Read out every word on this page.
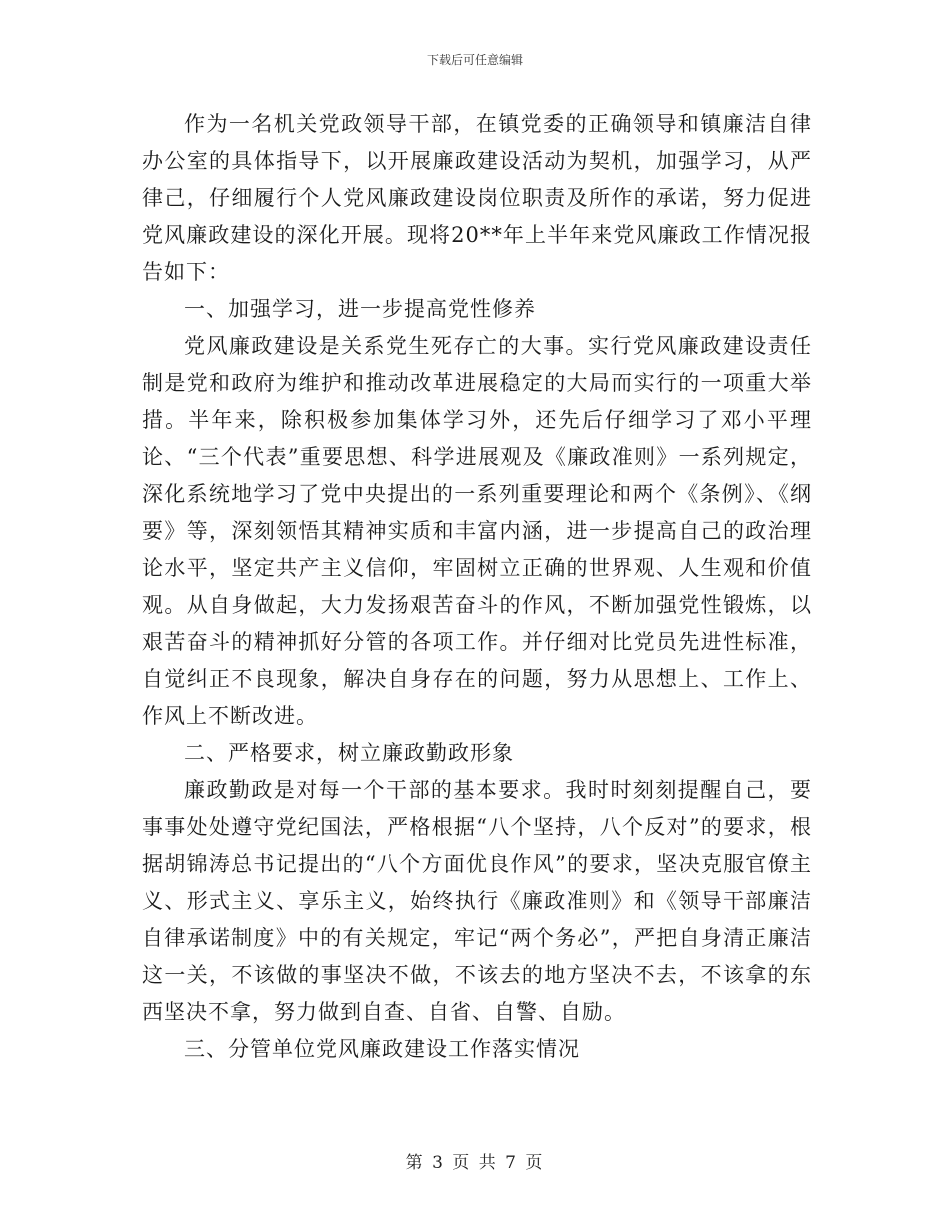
下载后可任意编辑

作为一名机关党政领导干部，在镇党委的正确领导和镇廉洁自律办公室的具体指导下，以开展廉政建设活动为契机，加强学习，从严律己，仔细履行个人党风廉政建设岗位职责及所作的承诺，努力促进党风廉政建设的深化开展。现将20**年上半年来党风廉政工作情况报告如下：

一、加强学习，进一步提高党性修养

党风廉政建设是关系党生死存亡的大事。实行党风廉政建设责任制是党和政府为维护和推动改革进展稳定的大局而实行的一项重大举措。半年来，除积极参加集体学习外，还先后仔细学习了邓小平理论、“三个代表”重要思想、科学进展观及《廉政准则》一系列规定，深化系统地学习了党中央提出的一系列重要理论和两个《条例》、《纲要》等，深刻领悟其精神实质和丰富内涵，进一步提高自己的政治理论水平，坚定共产主义信仰，牢固树立正确的世界观、人生观和价值观。从自身做起，大力发扬艰苦奋斗的作风，不断加强党性锻炼，以艰苦奋斗的精神抓好分管的各项工作。并仔细对比党员先进性标准，自觉纠正不良现象，解决自身存在的问题，努力从思想上、工作上、作风上不断改进。

二、严格要求，树立廉政勤政形象

廉政勤政是对每一个干部的基本要求。我时时刻刻提醒自己，要事事处处遵守党纪国法，严格根据“八个坚持，八个反对”的要求，根据胡锦涛总书记提出的“八个方面优良作风”的要求，坚决克服官僚主义、形式主义、享乐主义，始终执行《廉政准则》和《领导干部廉洁自律承诺制度》中的有关规定，牢记“两个务必”，严把自身清正廉洁这一关，不该做的事坚决不做，不该去的地方坚决不去，不该拿的东西坚决不拿，努力做到自查、自省、自警、自励。

三、分管单位党风廉政建设工作落实情况

第 3 页 共 7 页
